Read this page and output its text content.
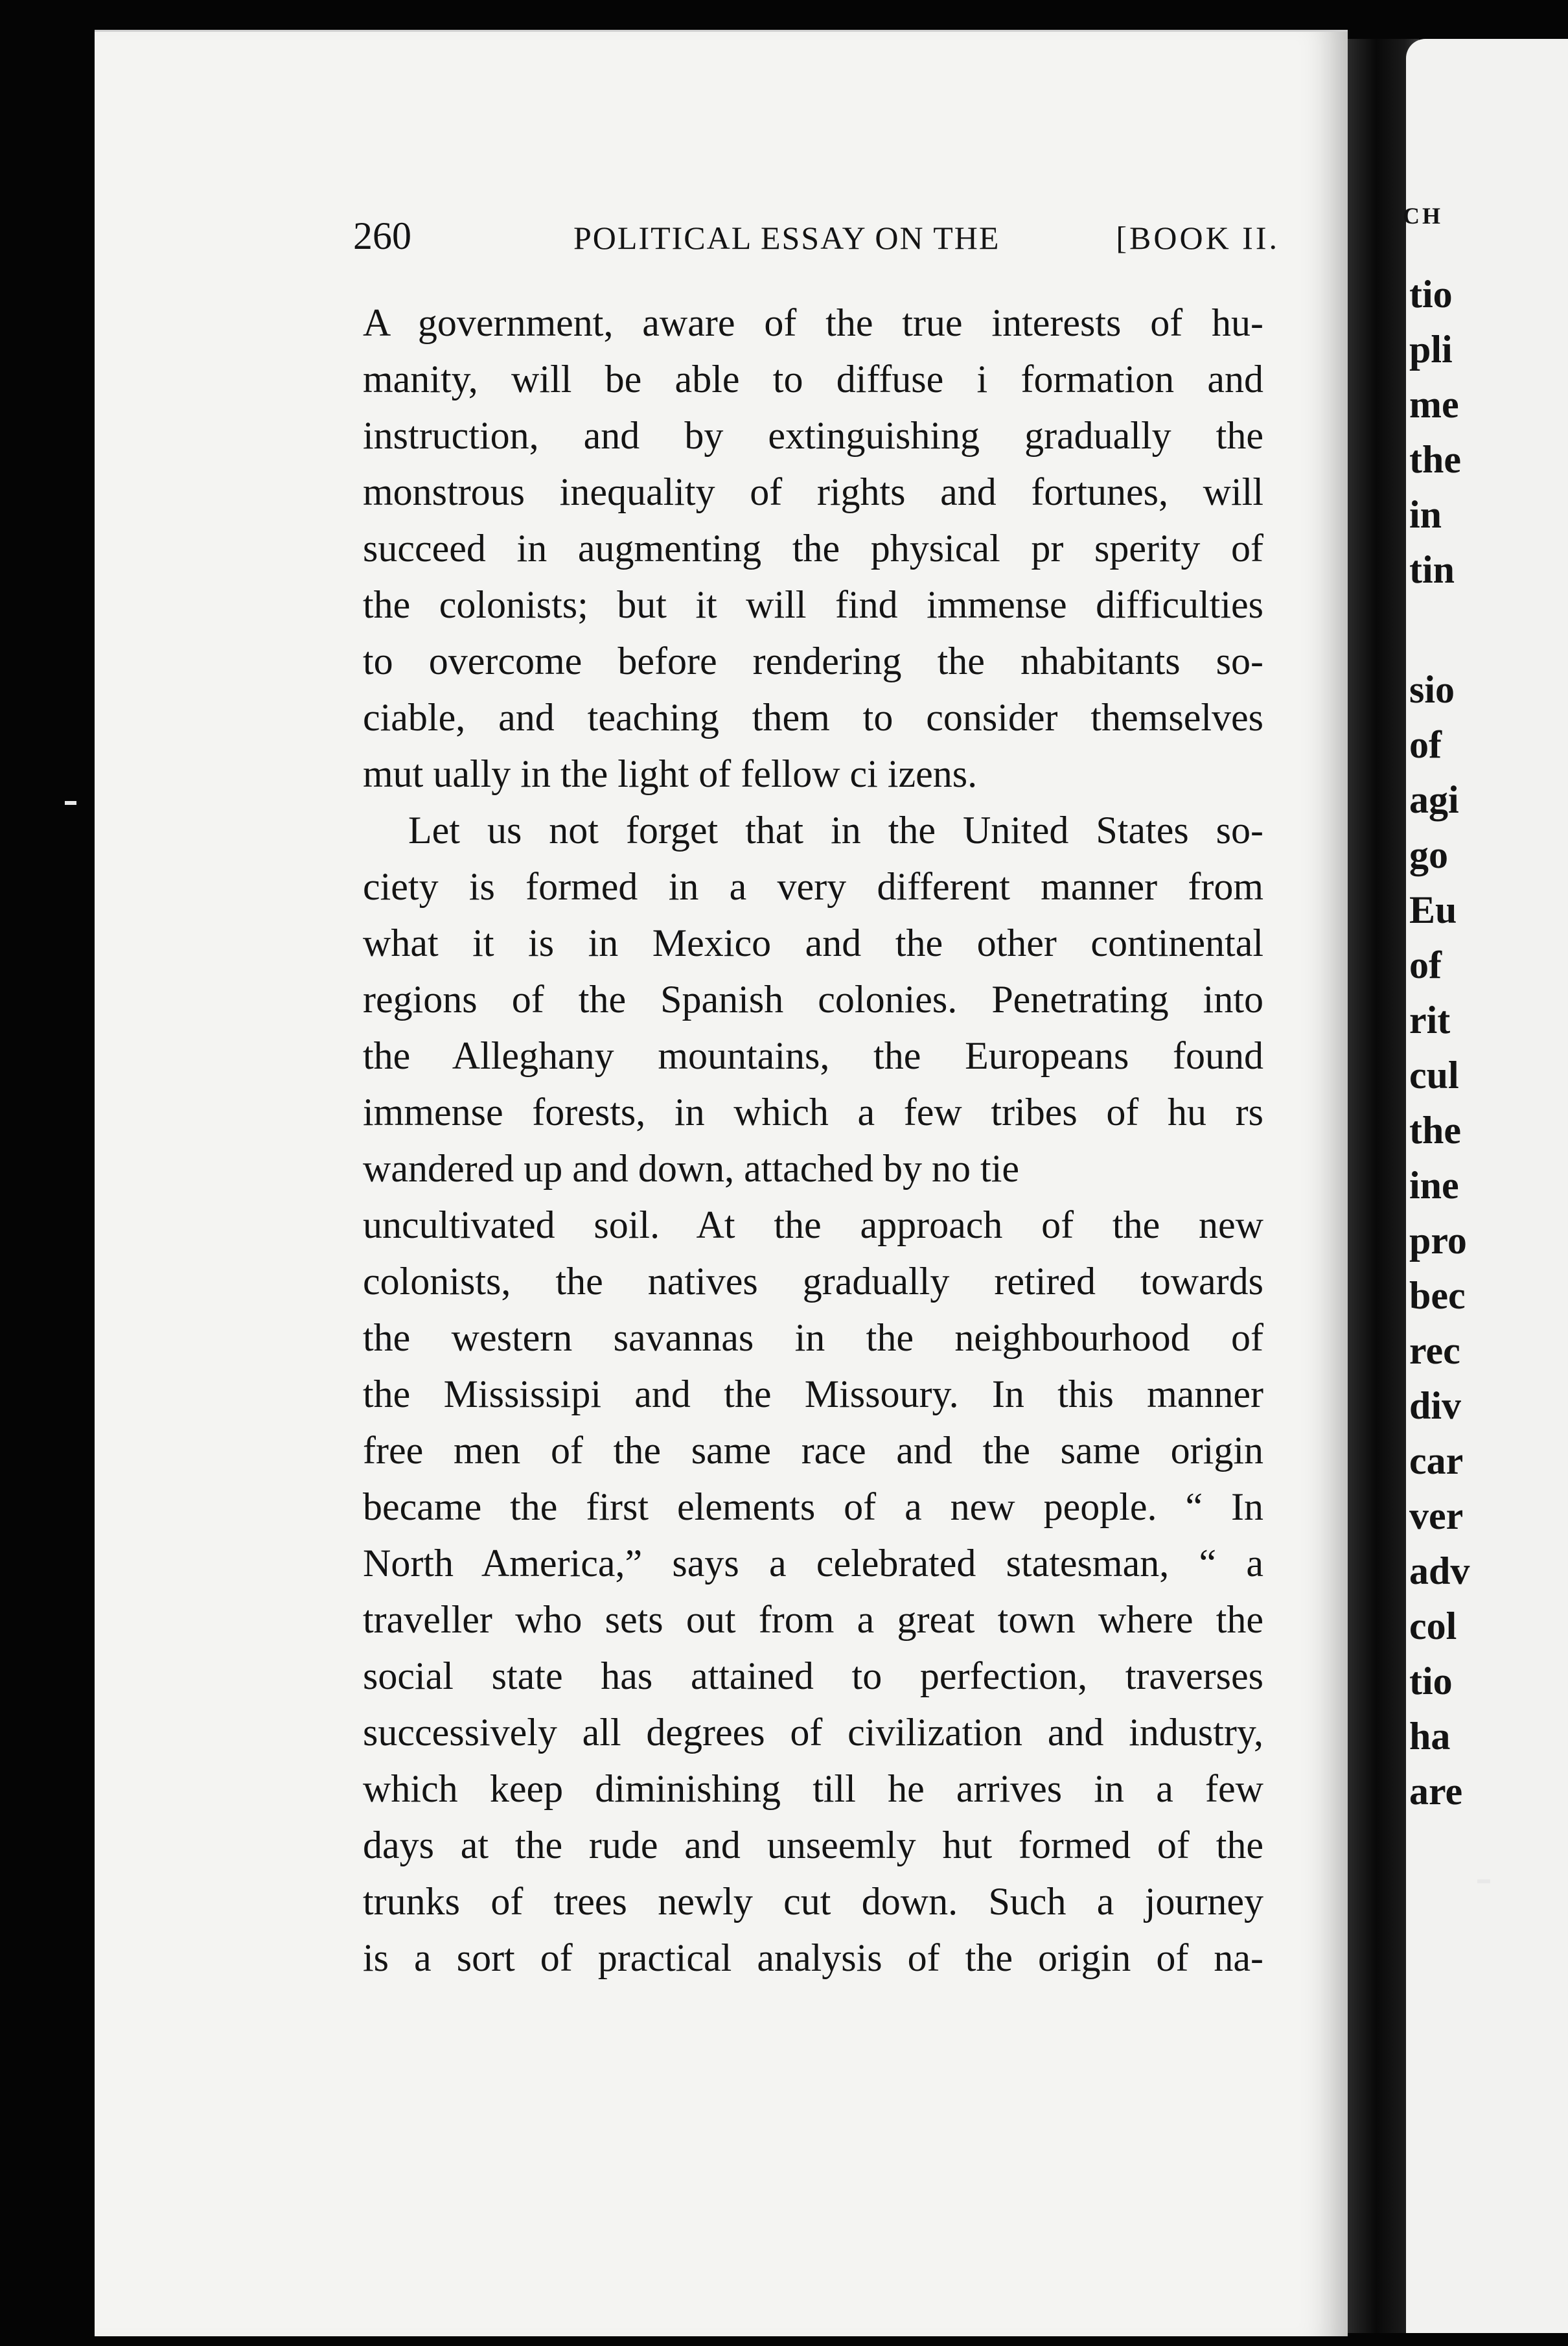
260	POLITICAL ESSAY ON THE	[BOOK II.
A government, aware of the true interests of hu-
manity, will be able to diffuse i formation and
instruction, and by extinguishing gradually the
monstrous inequality of rights and fortunes, will
succeed in augmenting the physical pr sperity of
the colonists; but it will find immense difficulties
to overcome before rendering the nhabitants so-
ciable, and teaching them to consider themselves
mut ually in the light of fellow ci izens.
Let us not forget that in the United States so-
ciety is formed in a very different manner from
what it is in Mexico and the other continental
regions of the Spanish colonies. Penetrating into
the Alleghany mountains, the Europeans found
immense forests, in which a few tribes of hu rs
wandered up and down, attached by no tie
uncultivated soil. At the approach of the new
colonists, the natives gradually retired towards
the western savannas in the neighbourhood of
the Mississipi and the Missoury. In this manner
free men of the same race and the same origin
became the first elements of a new people. “ In
North America,” says a celebrated statesman, “ a
traveller who sets out from a great town where the
social state has attained to perfection, traverses
successively all degrees of civilization and industry,
which keep diminishing till he arrives in a few
days at the rude and unseemly hut formed of the
trunks of trees newly cut down. Such a journey
is a sort of practical analysis of the origin of na-
CH
tio
pli
me
the
in
tin
sio
of
agi
go
Eu
of
rit
cul
the
ine
pro
bec
rec
div
car
ver
adv
col
tio
ha
are
